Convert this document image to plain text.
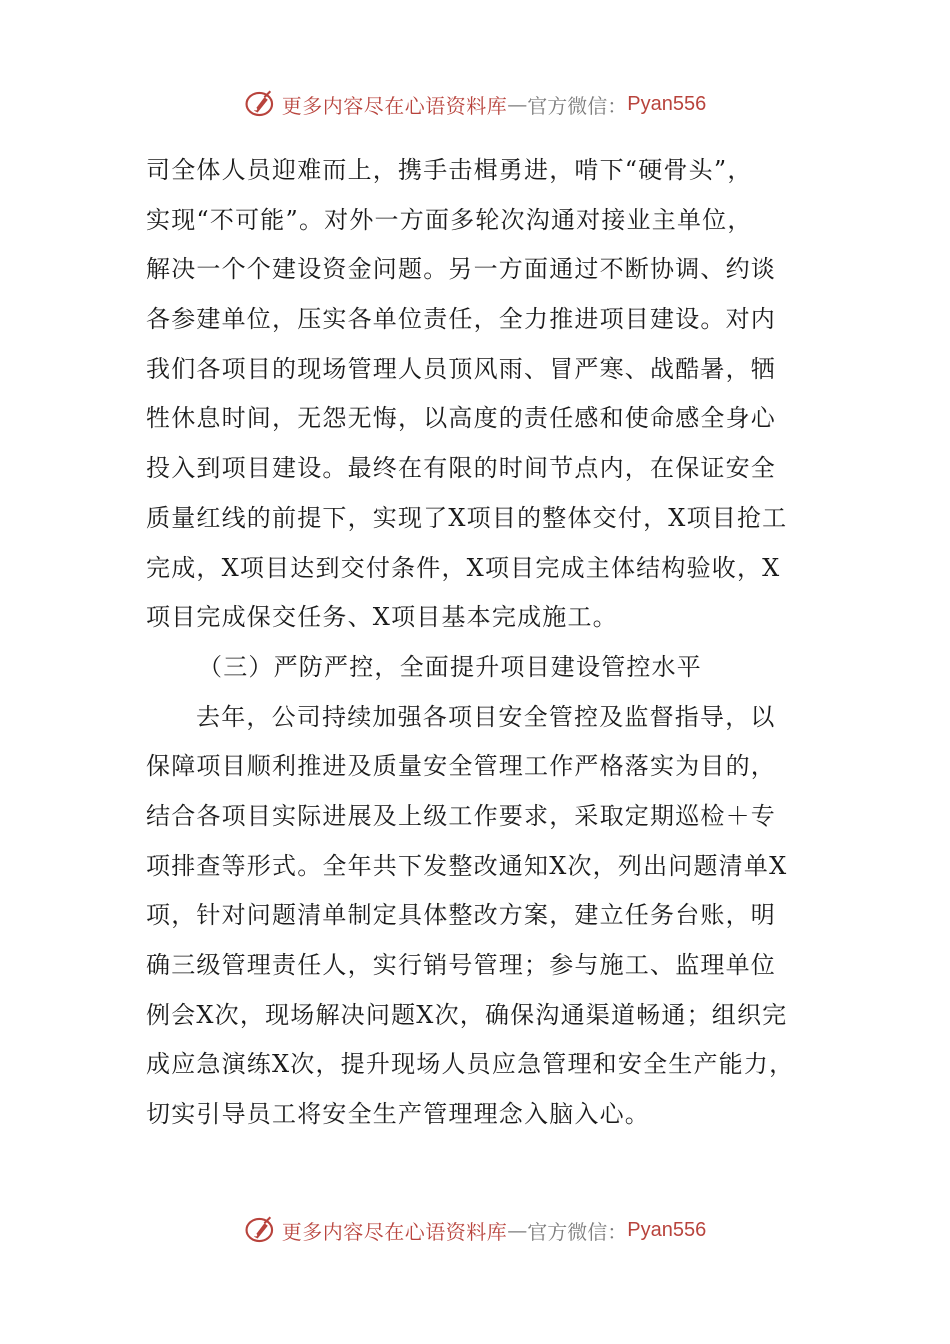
更多内容尽在心语资料库 — 官方微信： Pyan556
司全体人员迎难而上，携手击楫勇进，啃下“硬骨头”，
实现“不可能”。对外一方面多轮次沟通对接业主单位，
解决一个个建设资金问题。另一方面通过不断协调、约谈
各参建单位，压实各单位责任，全力推进项目建设。对内
我们各项目的现场管理人员顶风雨、冒严寒、战酷暑，牺
牲休息时间，无怨无悔，以高度的责任感和使命感全身心
投入到项目建设。最终在有限的时间节点内，在保证安全
质量红线的前提下，实现了X项目的整体交付，X项目抢工
完成，X项目达到交付条件，X项目完成主体结构验收，X
项目完成保交任务、X项目基本完成施工。
（三）严防严控，全面提升项目建设管控水平
去年，公司持续加强各项目安全管控及监督指导，以
保障项目顺利推进及质量安全管理工作严格落实为目的，
结合各项目实际进展及上级工作要求，采取定期巡检＋专
项排查等形式。全年共下发整改通知X次，列出问题清单X
项，针对问题清单制定具体整改方案，建立任务台账，明
确三级管理责任人，实行销号管理；参与施工、监理单位
例会X次，现场解决问题X次，确保沟通渠道畅通；组织完
成应急演练X次，提升现场人员应急管理和安全生产能力，
切实引导员工将安全生产管理理念入脑入心。
更多内容尽在心语资料库 — 官方微信： Pyan556
